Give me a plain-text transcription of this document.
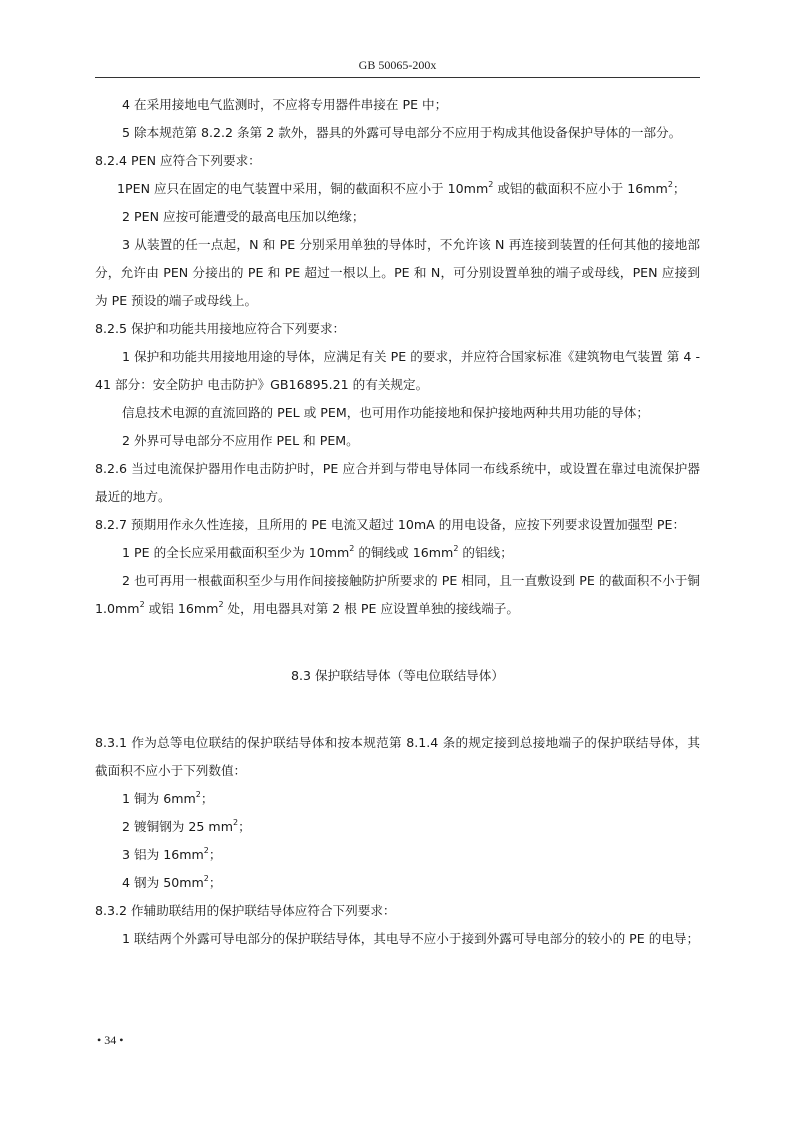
GB 50065-200x

4 在采用接地电气监测时，不应将专用器件串接在 PE 中；

5 除本规范第 8.2.2 条第 2 款外，器具的外露可导电部分不应用于构成其他设备保护导体的一部分。

8.2.4 PEN 应符合下列要求：

1PEN 应只在固定的电气装置中采用，铜的截面积不应小于 $10mm^2$ 或铝的截面积不应小于 $16mm^2$；

2 PEN 应按可能遭受的最高电压加以绝缘；

3 从装置的任一点起，N 和 PE 分别采用单独的导体时，不允许该 N 再连接到装置的任何其他的接地部分，允许由 PEN 分接出的 PE 和 PE 超过一根以上。PE 和 N，可分别设置单独的端子或母线，PEN 应接到为 PE 预设的端子或母线上。

8.2.5 保护和功能共用接地应符合下列要求：

1 保护和功能共用接地用途的导体，应满足有关 PE 的要求，并应符合国家标准《建筑物电气装置 第 4 - 41 部分：安全防护 电击防护》GB16895.21 的有关规定。

信息技术电源的直流回路的 PEL 或 PEM，也可用作功能接地和保护接地两种共用功能的导体；

2 外界可导电部分不应用作 PEL 和 PEM。

8.2.6 当过电流保护器用作电击防护时，PE 应合并到与带电导体同一布线系统中，或设置在靠过电流保护器最近的地方。

8.2.7 预期用作永久性连接，且所用的 PE 电流又超过 10mA 的用电设备，应按下列要求设置加强型 PE：

1 PE 的全长应采用截面积至少为 $10mm^2$ 的铜线或 $16mm^2$ 的铝线；

2 也可再用一根截面积至少与用作间接接触防护所要求的 PE 相同，且一直敷设到 PE 的截面积不小于铜 $1.0mm^2$ 或铝 $16mm^2$ 处，用电器具对第 2 根 PE 应设置单独的接线端子。

8.3 保护联结导体（等电位联结导体）

8.3.1 作为总等电位联结的保护联结导体和按本规范第 8.1.4 条的规定接到总接地端子的保护联结导体，其截面积不应小于下列数值：

1 铜为 $6mm^2$；

2 镀铜钢为 25 $mm^2$；

3 铝为 $16mm^2$；

4 钢为 $50mm^2$；

8.3.2 作辅助联结用的保护联结导体应符合下列要求：

1 联结两个外露可导电部分的保护联结导体，其电导不应小于接到外露可导电部分的较小的 PE 的电导；

• 34 •
